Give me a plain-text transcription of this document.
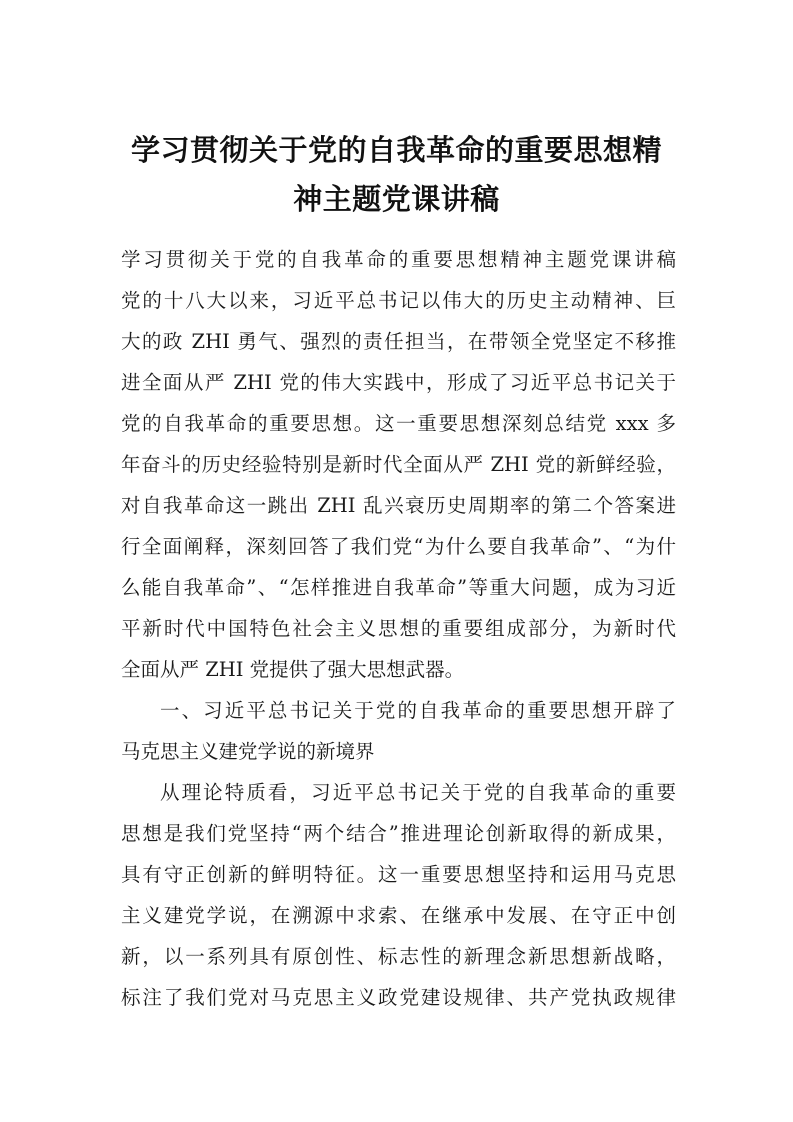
学习贯彻关于党的自我革命的重要思想精
神主题党课讲稿
学习贯彻关于党的自我革命的重要思想精神主题党课讲稿
党的十八大以来，习近平总书记以伟大的历史主动精神、巨
大的政 ZHI 勇气、强烈的责任担当，在带领全党坚定不移推
进全面从严 ZHI 党的伟大实践中，形成了习近平总书记关于
党的自我革命的重要思想。这一重要思想深刻总结党 xxx 多
年奋斗的历史经验特别是新时代全面从严 ZHI 党的新鲜经验，
对自我革命这一跳出 ZHI 乱兴衰历史周期率的第二个答案进
行全面阐释，深刻回答了我们党“为什么要自我革命”、“为什
么能自我革命”、“怎样推进自我革命”等重大问题，成为习近
平新时代中国特色社会主义思想的重要组成部分，为新时代
全面从严 ZHI 党提供了强大思想武器。
一、习近平总书记关于党的自我革命的重要思想开辟了
马克思主义建党学说的新境界
从理论特质看，习近平总书记关于党的自我革命的重要
思想是我们党坚持“两个结合”推进理论创新取得的新成果，
具有守正创新的鲜明特征。这一重要思想坚持和运用马克思
主义建党学说，在溯源中求索、在继承中发展、在守正中创
新，以一系列具有原创性、标志性的新理念新思想新战略，
标注了我们党对马克思主义政党建设规律、共产党执政规律
